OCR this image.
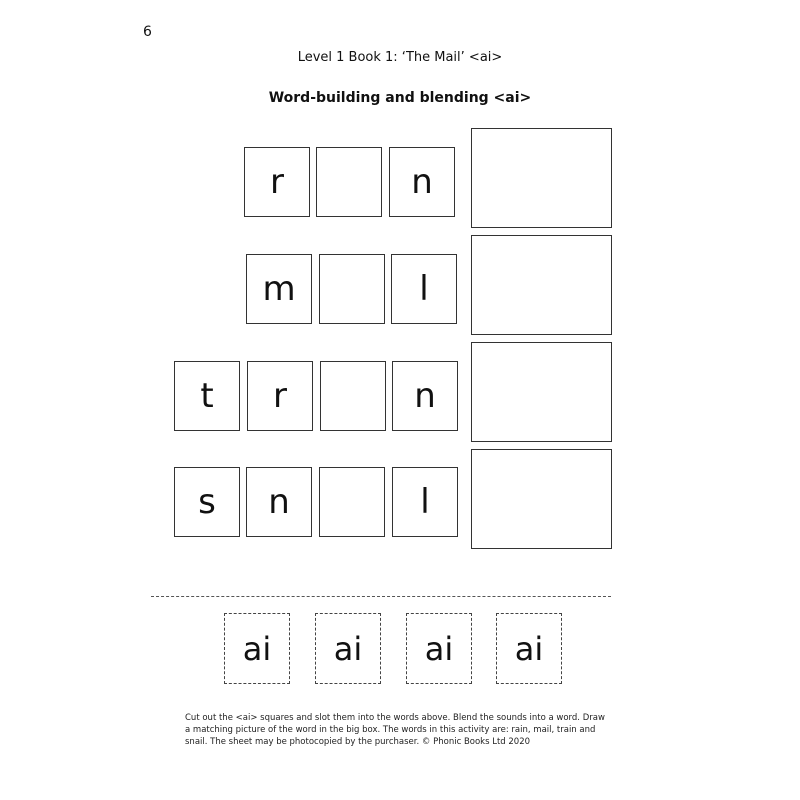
6
Level 1 Book 1: ‘The Mail’ <ai>
Word-building and blending <ai>
r	n
m	l
t	r	n
s	n	l
ai	ai	ai	ai
Cut out the <ai> squares and slot them into the words above. Blend the sounds into a word. Draw a matching picture of the word in the big box. The words in this activity are: rain, mail, train and snail. The sheet may be photocopied by the purchaser. © Phonic Books Ltd 2020
